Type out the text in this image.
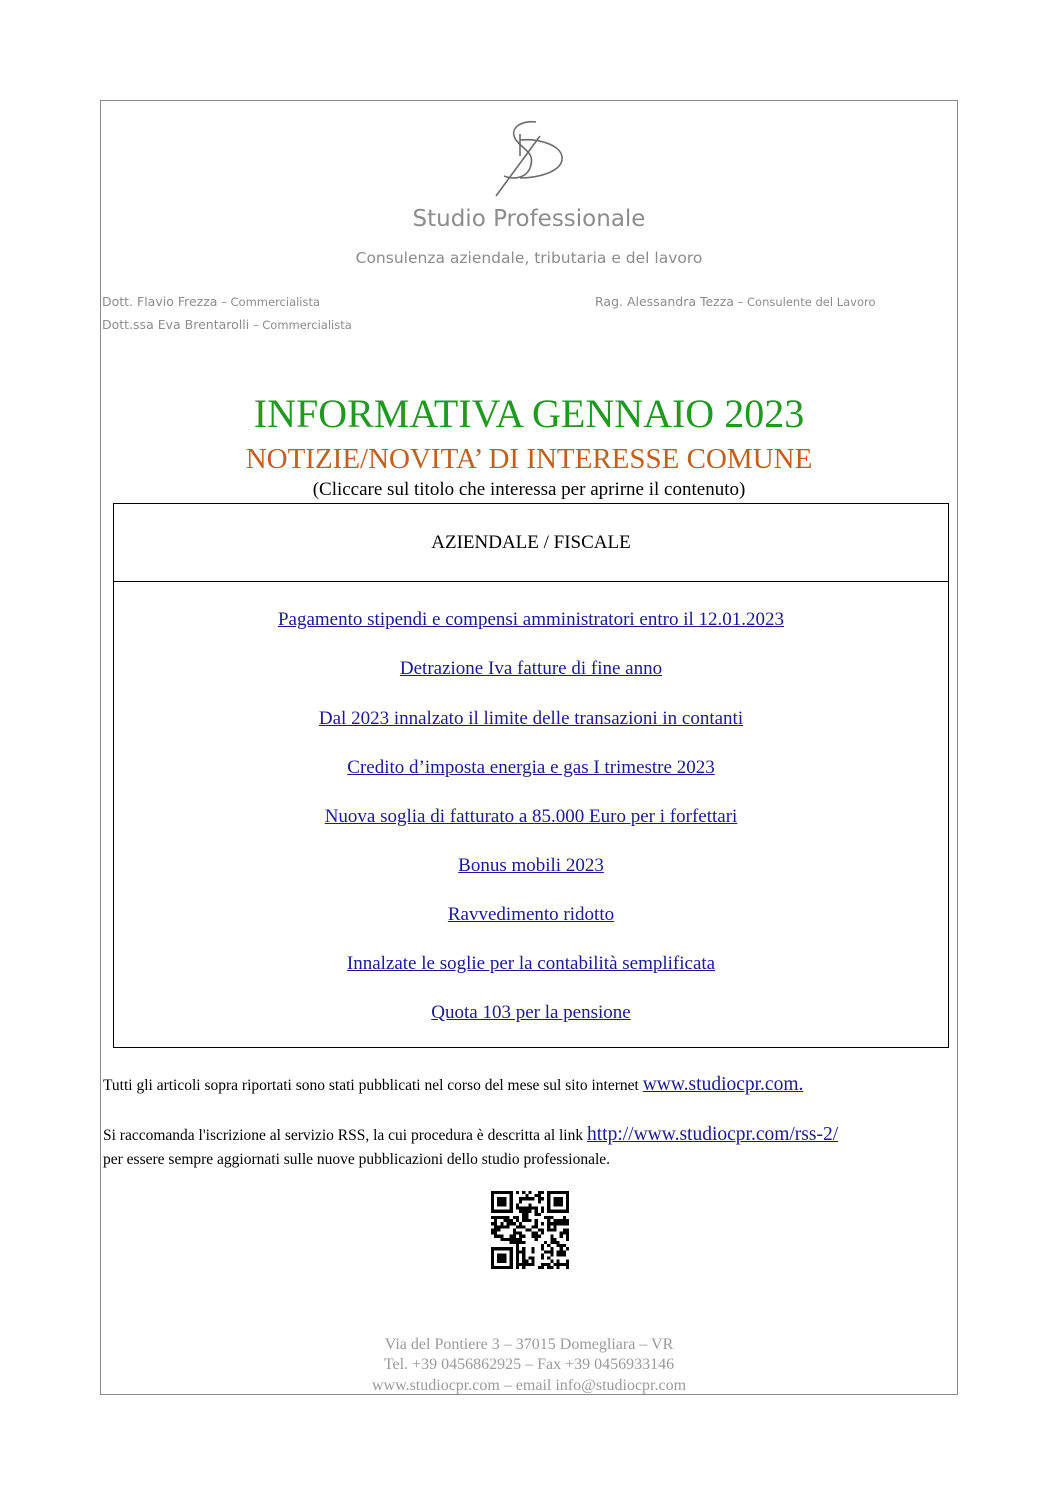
Studio Professionale
Consulenza aziendale, tributaria e del lavoro
Dott. Flavio Frezza – Commercialista
Dott.ssa Eva Brentarolli – Commercialista
Rag. Alessandra Tezza – Consulente del Lavoro
INFORMATIVA GENNAIO 2023
NOTIZIE/NOVITA’ DI INTERESSE COMUNE
(Cliccare sul titolo che interessa per aprirne il contenuto)
AZIENDALE / FISCALE
Pagamento stipendi e compensi amministratori entro il 12.01.2023
Detrazione Iva fatture di fine anno
Dal 2023 innalzato il limite delle transazioni in contanti
Credito d’imposta energia e gas I trimestre 2023
Nuova soglia di fatturato a 85.000 Euro per i forfettari
Bonus mobili 2023
Ravvedimento ridotto
Innalzate le soglie per la contabilità semplificata
Quota 103 per la pensione
Tutti gli articoli sopra riportati sono stati pubblicati nel corso del mese sul sito internet www.studiocpr.com.
Si raccomanda l'iscrizione al servizio RSS, la cui procedura è descritta al link http://www.studiocpr.com/rss-2/
per essere sempre aggiornati sulle nuove pubblicazioni dello studio professionale.
Via del Pontiere 3 – 37015 Domegliara – VR
Tel. +39 0456862925 – Fax +39 0456933146
www.studiocpr.com – email info@studiocpr.com
